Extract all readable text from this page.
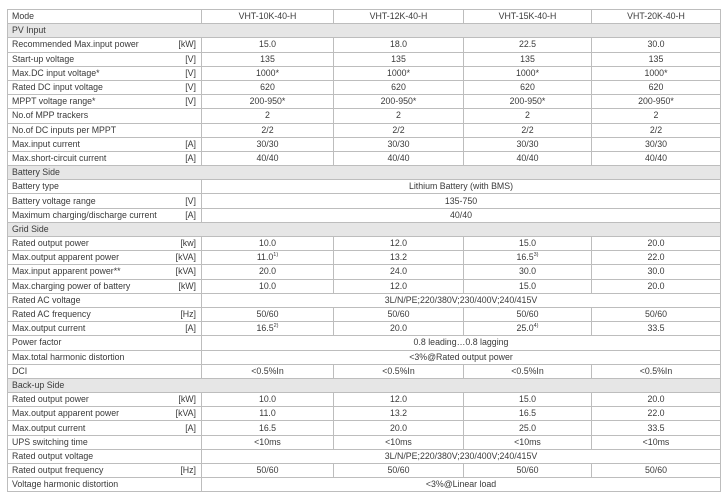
Mode	VHT-10K-40-H	VHT-12K-40-H	VHT-15K-40-H	VHT-20K-40-H
PV Input				

Recommended Max.input power [kW]	15.0	18.0	22.5	30.0

Start-up voltage [V]	135	135	135	135

Max.DC input voltage* [V]	1000*	1000*	1000*	1000*

Rated DC input voltage [V]	620	620	620	620

MPPT voltage range* [V]	200-950*	200-950*	200-950*	200-950*

No.of MPP trackers	2	2	2	2

No.of DC inputs per MPPT	2/2	2/2	2/2	2/2

Max.input current [A]	30/30	30/30	30/30	30/30

Max.short-circuit current [A]	40/40	40/40	40/40	40/40
Battery Side				

Battery type	Lithium Battery (with BMS)			

Battery voltage range [V]	135-750			

Maximum charging/discharge current [A]	40/40			
Grid Side				

Rated output power [kw]	10.0	12.0	15.0	20.0

Max.output apparent power [kVA]	11.0$^{1)}$	13.2	16.5$^{3)}$	22.0

Max.input apparent power** [kVA]	20.0	24.0	30.0	30.0

Max.charging power of battery [kW]	10.0	12.0	15.0	20.0

Rated AC voltage	3L/N/PE;220/380V;230/400V;240/415V			

Rated AC frequency [Hz]	50/60	50/60	50/60	50/60

Max.output current [A]	16.5$^{2)}$	20.0	25.0$^{4)}$	33.5

Power factor	0.8 leading…0.8 lagging			

Max.total harmonic distortion	<3%@Rated output power			

DCI	<0.5%In	<0.5%In	<0.5%In	<0.5%In
Back-up Side				

Rated output power [kW]	10.0	12.0	15.0	20.0

Max.output apparent power [kVA]	11.0	13.2	16.5	22.0

Max.output current [A]	16.5	20.0	25.0	33.5

UPS switching time	<10ms	<10ms	<10ms	<10ms

Rated output voltage	3L/N/PE;220/380V;230/400V;240/415V			

Rated output frequency [Hz]	50/60	50/60	50/60	50/60

Voltage harmonic distortion	<3%@Linear load			
